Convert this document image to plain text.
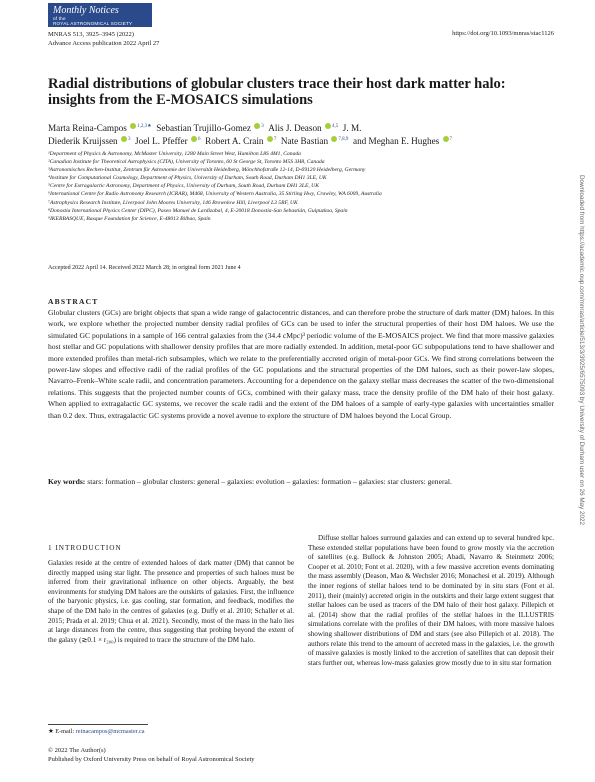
Monthly Notices
of the
ROYAL ASTRONOMICAL SOCIETY
MNRAS 513, 3925–3945 (2022)
Advance Access publication 2022 April 27
https://doi.org/10.1093/mnras/stac1126
Radial distributions of globular clusters trace their host dark matter halo: insights from the E-MOSAICS simulations
Marta Reina-Campos $^{1,2,3★}$ Sebastian Trujillo-Gomez $^3$ Alis J. Deason $^{4,5}$ J. M.
Diederik Kruijssen $^3$ Joel L. Pfeffer $^6$ Robert A. Crain $^7$ Nate Bastian $^{7,8,9}$ and Meghan E. Hughes $^7$
¹Department of Physics & Astronomy, McMaster University, 1280 Main Street West, Hamilton L8S 4M1, Canada
²Canadian Institute for Theoretical Astrophysics (CITA), University of Toronto, 60 St George St, Toronto M5S 3H8, Canada
³Astronomisches Rechen-Institut, Zentrum für Astronomie der Universität Heidelberg, Mönchhofstraße 12-14, D-69120 Heidelberg, Germany
⁴Institute for Computational Cosmology, Department of Physics, University of Durham, South Road, Durham DH1 3LE, UK
⁵Centre for Extragalactic Astronomy, Department of Physics, University of Durham, South Road, Durham DH1 3LE, UK
⁶International Centre for Radio Astronomy Research (ICRAR), M468, University of Western Australia, 35 Stirling Hwy, Crawley, WA 6009, Australia
⁷Astrophysics Research Institute, Liverpool John Moores University, 146 Brownlow Hill, Liverpool L3 5RF, UK
⁸Donostia International Physics Center (DIPC), Paseo Manuel de Lardizabal, 4, E-20018 Donostia-San Sebastián, Guipuzkoa, Spain
⁹IKERBASQUE, Basque Foundation for Science, E-48013 Bilbao, Spain
Accepted 2022 April 14. Received 2022 March 28; in original form 2021 June 4
ABSTRACT

Globular clusters (GCs) are bright objects that span a wide range of galactocentric distances, and can therefore probe the structure of dark matter (DM) haloes. In this work, we explore whether the projected number density radial profiles of GCs can be used to infer the structural properties of their host DM haloes. We use the simulated GC populations in a sample of 166 central galaxies from the (34.4 cMpc)³ periodic volume of the E-MOSAICS project. We find that more massive galaxies host stellar and GC populations with shallower density profiles that are more radially extended. In addition, metal-poor GC subpopulations tend to have shallower and more extended profiles than metal-rich subsamples, which we relate to the preferentially accreted origin of metal-poor GCs. We find strong correlations between the power-law slopes and effective radii of the radial profiles of the GC populations and the structural properties of the DM haloes, such as their power-law slopes, Navarro–Frenk–White scale radii, and concentration parameters. Accounting for a dependence on the galaxy stellar mass decreases the scatter of the two-dimensional relations. This suggests that the projected number counts of GCs, combined with their galaxy mass, trace the density profile of the DM halo of their host galaxy. When applied to extragalactic GC systems, we recover the scale radii and the extent of the DM haloes of a sample of early-type galaxies with uncertainties smaller than 0.2 dex. Thus, extragalactic GC systems provide a novel avenue to explore the structure of DM haloes beyond the Local Group.

Key words: stars: formation – globular clusters: general – galaxies: evolution – galaxies: formation – galaxies: star clusters: general.
1 INTRODUCTION

Galaxies reside at the centre of extended haloes of dark matter (DM) that cannot be directly mapped using star light. The presence and properties of such haloes must be inferred from their gravitational influence on other objects. Arguably, the best environments for studying DM haloes are the outskirts of galaxies. First, the influence of the baryonic physics, i.e. gas cooling, star formation, and feedback, modifies the shape of the DM halo in the centres of galaxies (e.g. Duffy et al. 2010; Schaller et al. 2015; Prada et al. 2019; Chua et al. 2021). Secondly, most of the mass in the halo lies at large distances from the centre, thus suggesting that probing beyond the extent of the galaxy (≳0.1 × r₂₀₀) is required to trace the structure of the DM halo.

Diffuse stellar haloes surround galaxies and can extend up to several hundred kpc. These extended stellar populations have been found to grow mostly via the accretion of satellites (e.g. Bullock & Johnston 2005; Abadi, Navarro & Steinmetz 2006; Cooper et al. 2010; Font et al. 2020), with a few massive accretion events dominating the mass assembly (Deason, Mao & Wechsler 2016; Monachesi et al. 2019). Although the inner regions of stellar haloes tend to be dominated by in situ stars (Font et al. 2011), their (mainly) accreted origin in the outskirts and their large extent suggest that stellar haloes can be used as tracers of the DM halo of their host galaxy. Pillepich et al. (2014) show that the radial profiles of the stellar haloes in the ILLUSTRIS simulations correlate with the profiles of their DM haloes, with more massive haloes showing shallower distributions of DM and stars (see also Pillepich et al. 2018). The authors relate this trend to the amount of accreted mass in the galaxies, i.e. the growth of massive galaxies is mostly linked to the accretion of satellites that can deposit their stars further out, whereas low-mass galaxies grow mostly due to in situ star formation

★ E-mail: reinacampos@mcmaster.ca
© 2022 The Author(s)
Published by Oxford University Press on behalf of Royal Astronomical Society
Downloaded from https://academic.oup.com/mnras/article/513/3/3925/6575093 by University of Durham user on 26 May 2022
